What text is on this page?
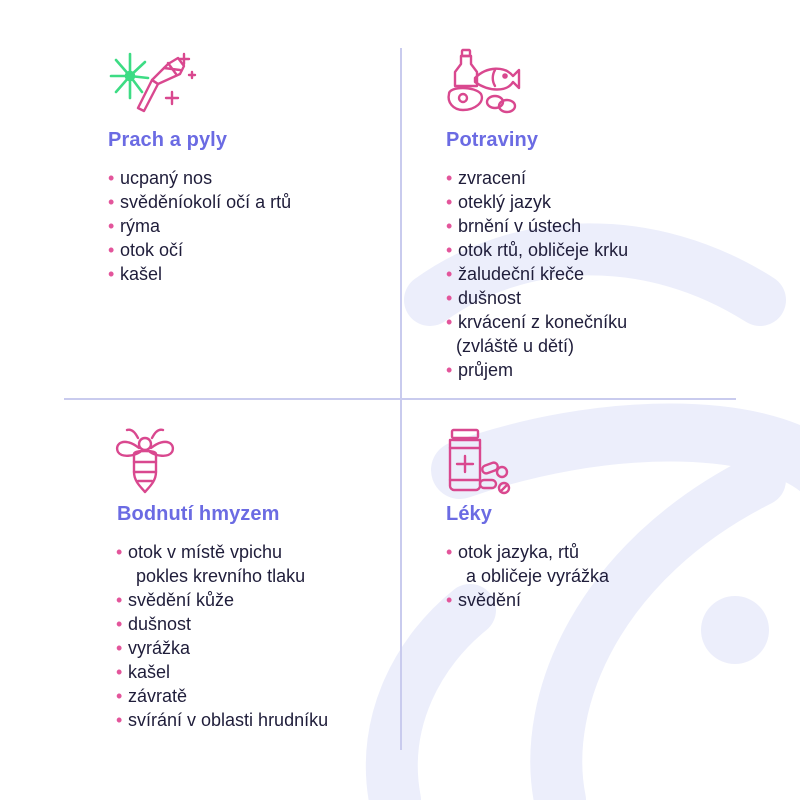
Prach a pyly
• ucpaný nos
• svěděníokolí očí a rtů
• rýma
• otok očí
• kašel
Potraviny
• zvracení
• oteklý jazyk
• brnění v ústech
• otok rtů, obličeje krku
• žaludeční křeče
• dušnost
• krvácení z konečníku
(zvláště u dětí)
• průjem
Bodnutí hmyzem
• otok v místě vpichu
pokles krevního tlaku
• svědění kůže
• dušnost
• vyrážka
• kašel
• závratě
• svírání v oblasti hrudníku
Léky
• otok jazyka, rtů
a obličeje vyrážka
• svědění
